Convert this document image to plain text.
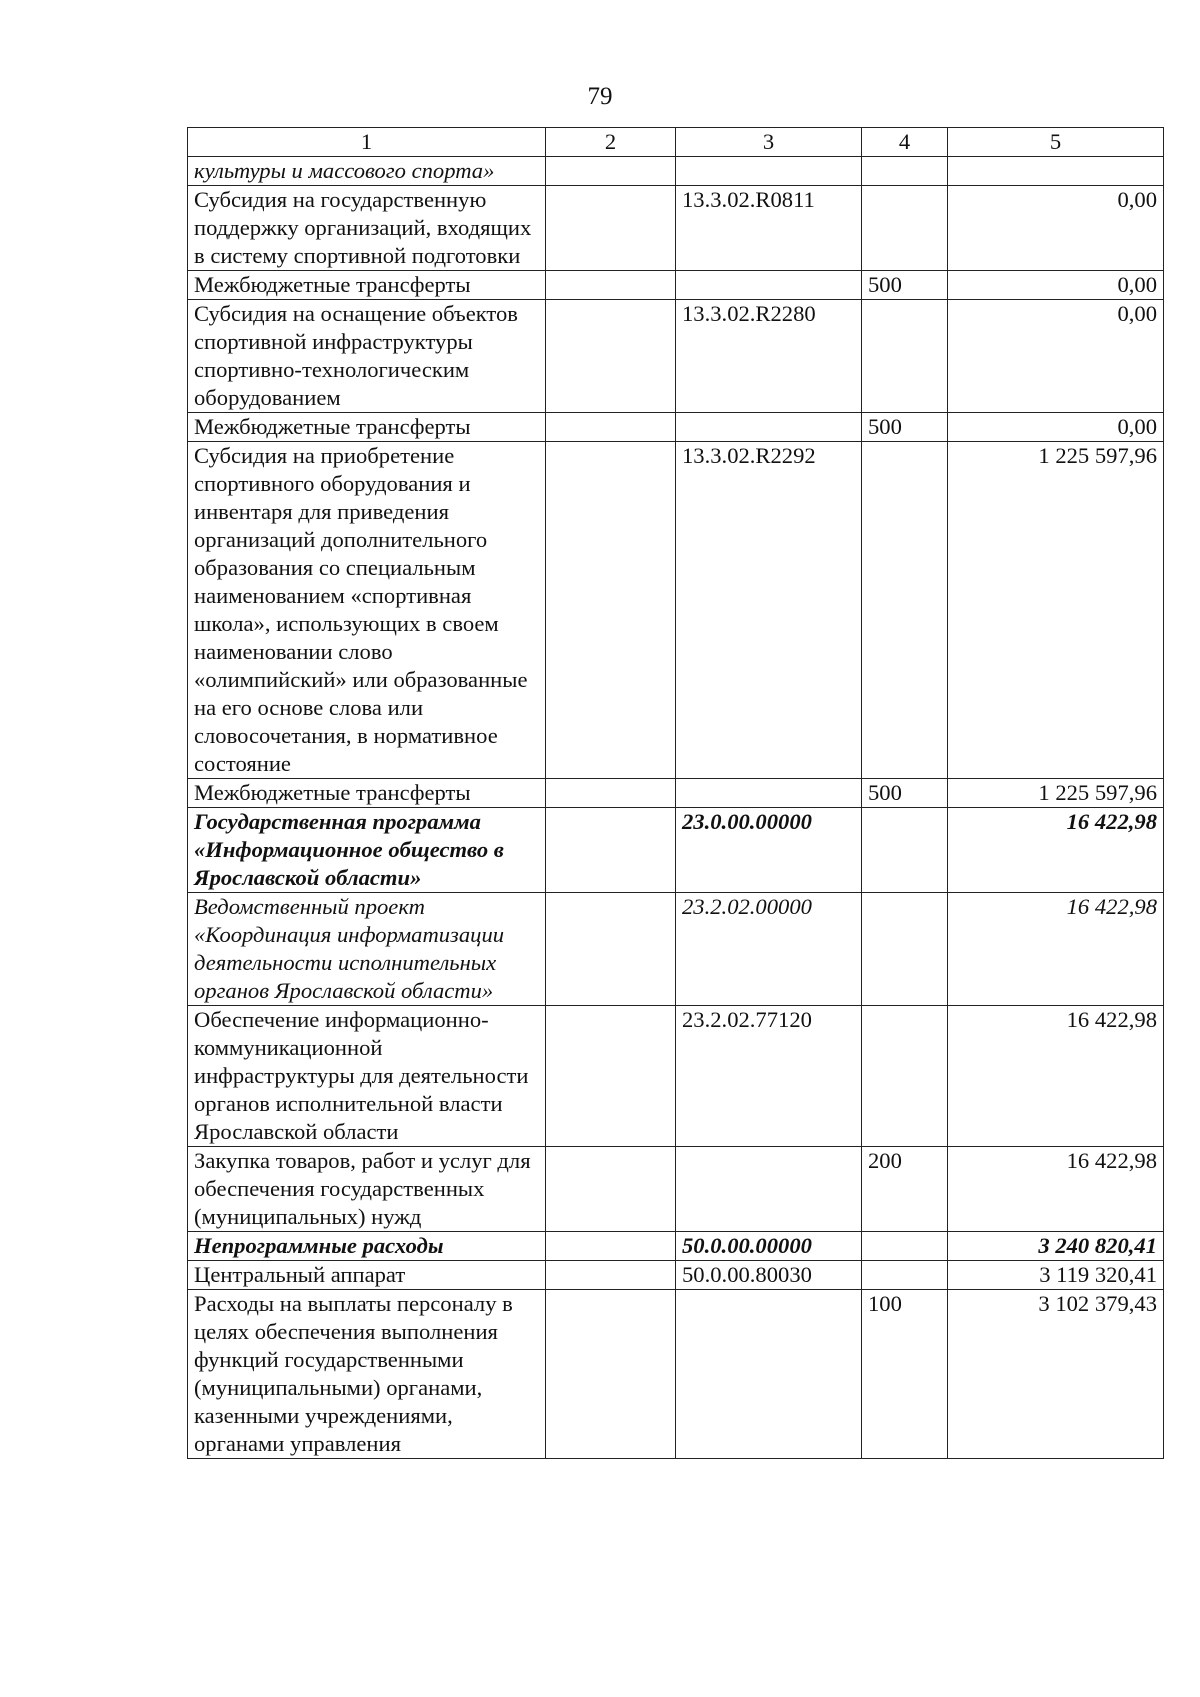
79
1	2	3	4	5
культуры и массового спорта»				
Субсидия на государственную поддержку организаций, входящих в систему спортивной подготовки		13.3.02.R0811		0,00
Межбюджетные трансферты			500	0,00
Субсидия на оснащение объектов спортивной инфраструктуры спортивно-технологическим оборудованием		13.3.02.R2280		0,00
Межбюджетные трансферты			500	0,00
Субсидия на приобретение спортивного оборудования и инвентаря для приведения организаций дополнительного образования со специальным наименованием «спортивная школа», использующих в своем наименовании слово «олимпийский» или образованные на его основе слова или словосочетания, в нормативное состояние		13.3.02.R2292		1 225 597,96
Межбюджетные трансферты			500	1 225 597,96
Государственная программа «Информационное общество в Ярославской области»		23.0.00.00000		16 422,98
Ведомственный проект «Координация информатизации деятельности исполнительных органов Ярославской области»		23.2.02.00000		16 422,98
Обеспечение информационно-коммуникационной инфраструктуры для деятельности органов исполнительной власти Ярославской области		23.2.02.77120		16 422,98
Закупка товаров, работ и услуг для обеспечения государственных (муниципальных) нужд			200	16 422,98
Непрограммные расходы		50.0.00.00000		3 240 820,41
Центральный аппарат		50.0.00.80030		3 119 320,41
Расходы на выплаты персоналу в целях обеспечения выполнения функций государственными (муниципальными) органами, казенными учреждениями, органами управления			100	3 102 379,43
